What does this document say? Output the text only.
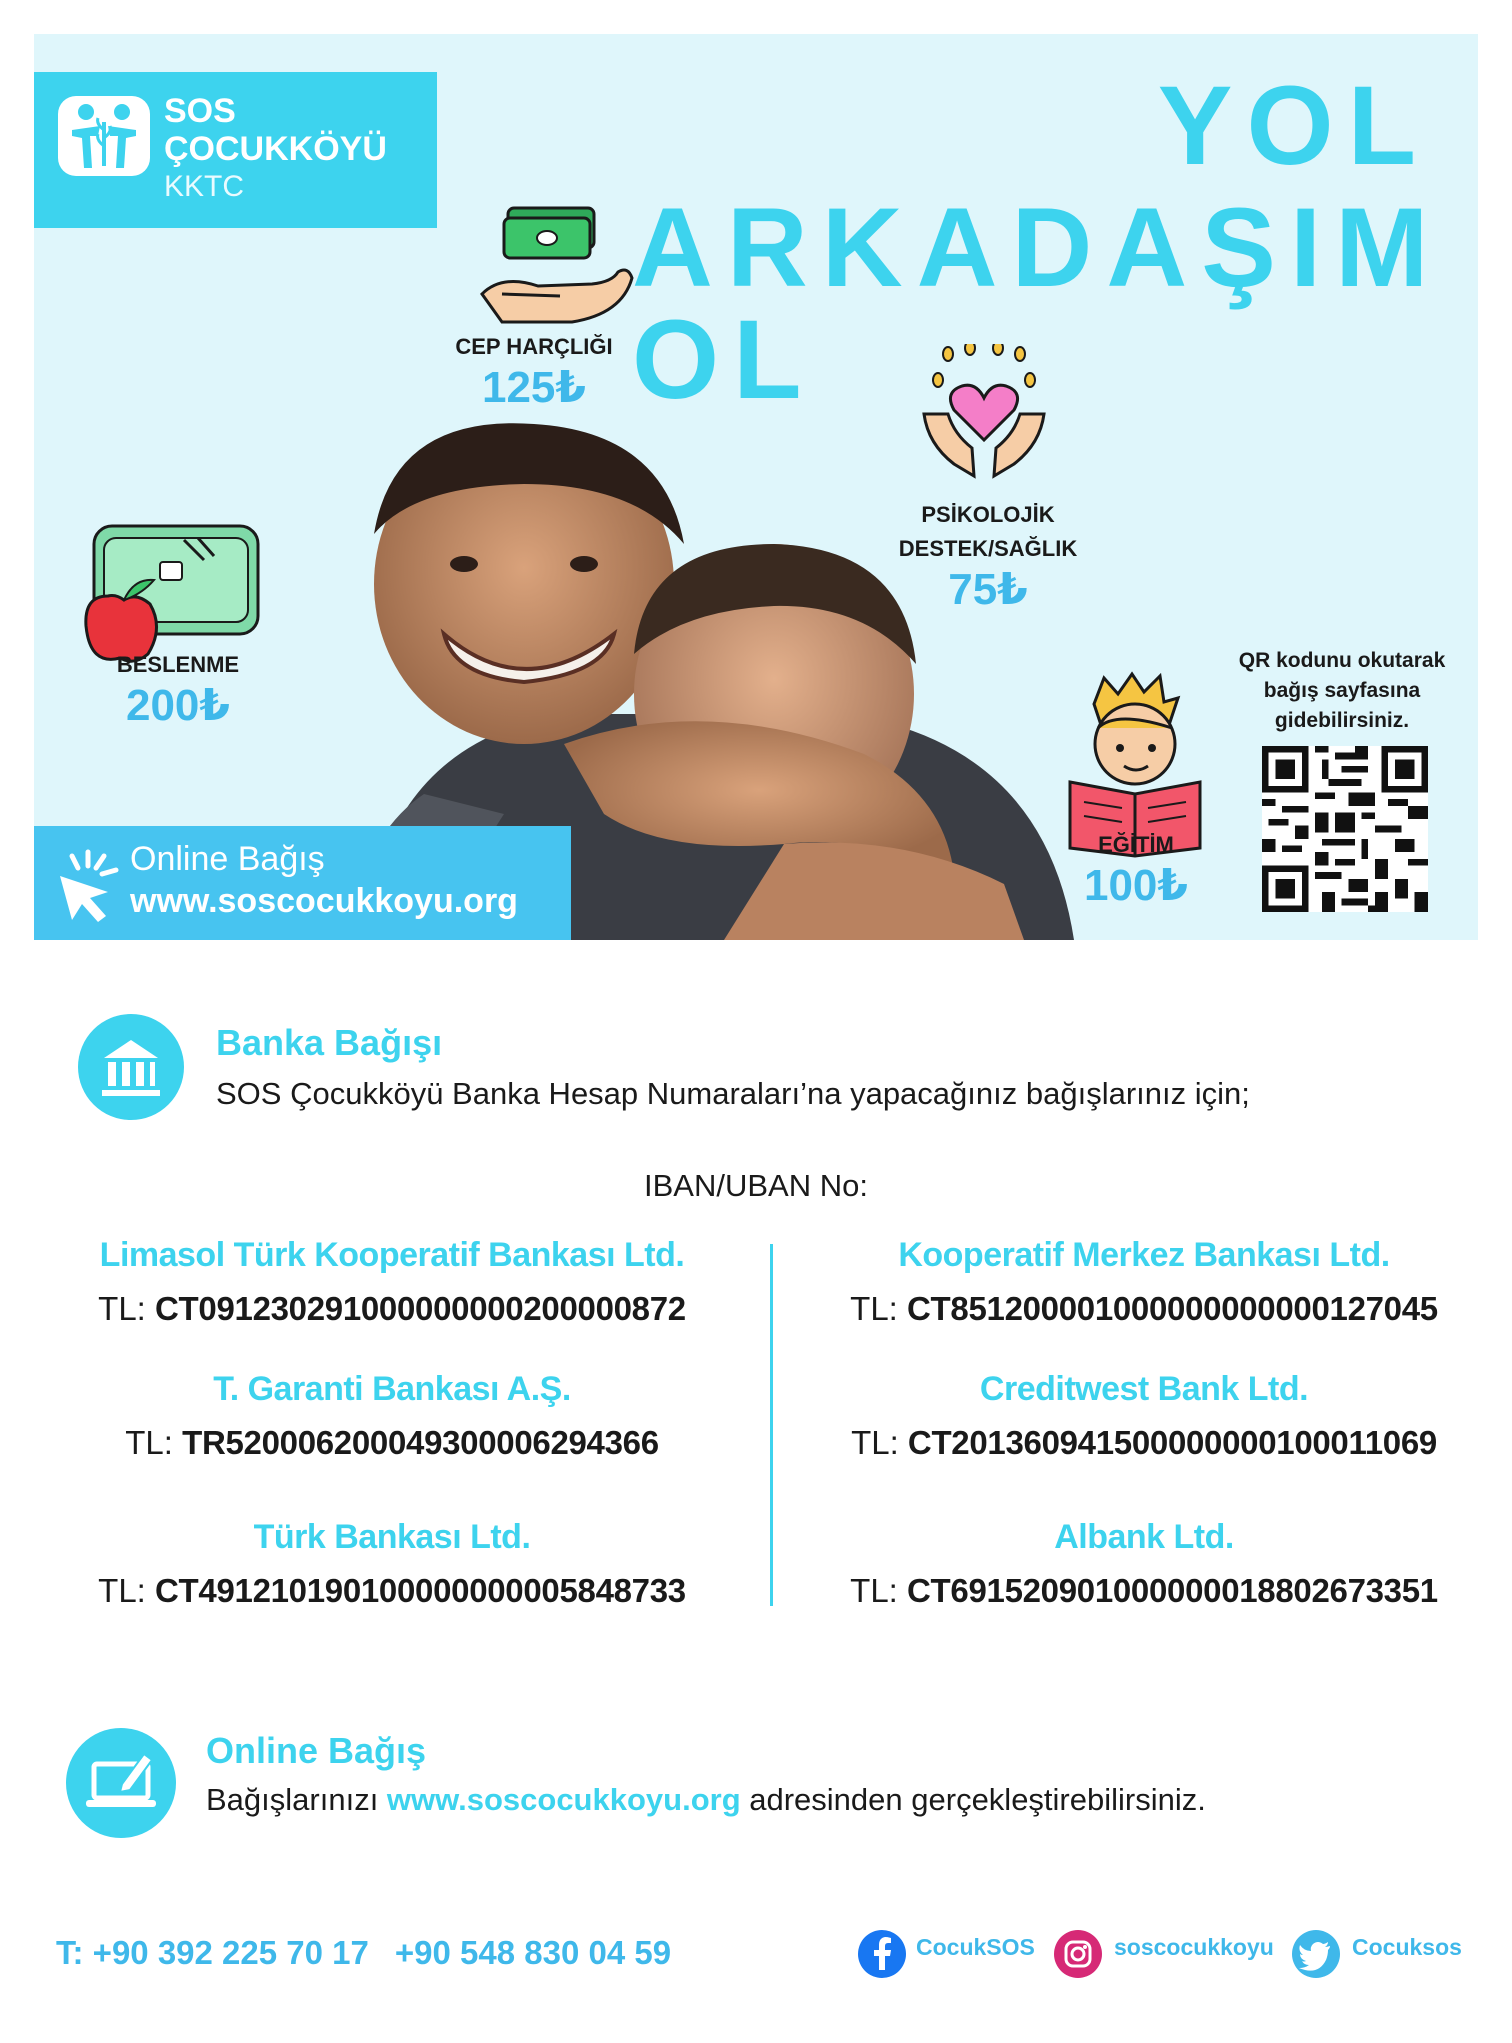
SOS
ÇOCUKKÖYÜ
KKTC	YOL
ARKADAŞIM OL
CEP HARÇLIĞI
125₺
PSİKOLOJİK
DESTEK/SAĞLIK
75₺
BESLENME
200₺
EĞİTİM
100₺
Online Bağış
www.soscocukkoyu.org
QR kodunu okutarak
bağış sayfasına
gidebilirsiniz.
Banka Bağışı
SOS Çocukköyü Banka Hesap Numaraları’na yapacağınız bağışlarınız için;
IBAN/UBAN No:
Limasol Türk Kooperatif Bankası Ltd.
TL: CT091230291000000000200000872
T. Garanti Bankası A.Ş.
TL: TR520006200049300006294366
Türk Bankası Ltd.
TL: CT491210190100000000005848733
Kooperatif Merkez Bankası Ltd.
TL: CT851200001000000000000127045
Creditwest Bank Ltd.
TL: CT201360941500000000100011069
Albank Ltd.
TL: CT691520901000000018802673351
Online Bağış
Bağışlarınızı www.soscocukkoyu.org adresinden gerçekleştirebilirsiniz.
T: +90 392 225 70 17 +90 548 830 04 59	CocukSOS	soscocukkoyu	Cocuksos
